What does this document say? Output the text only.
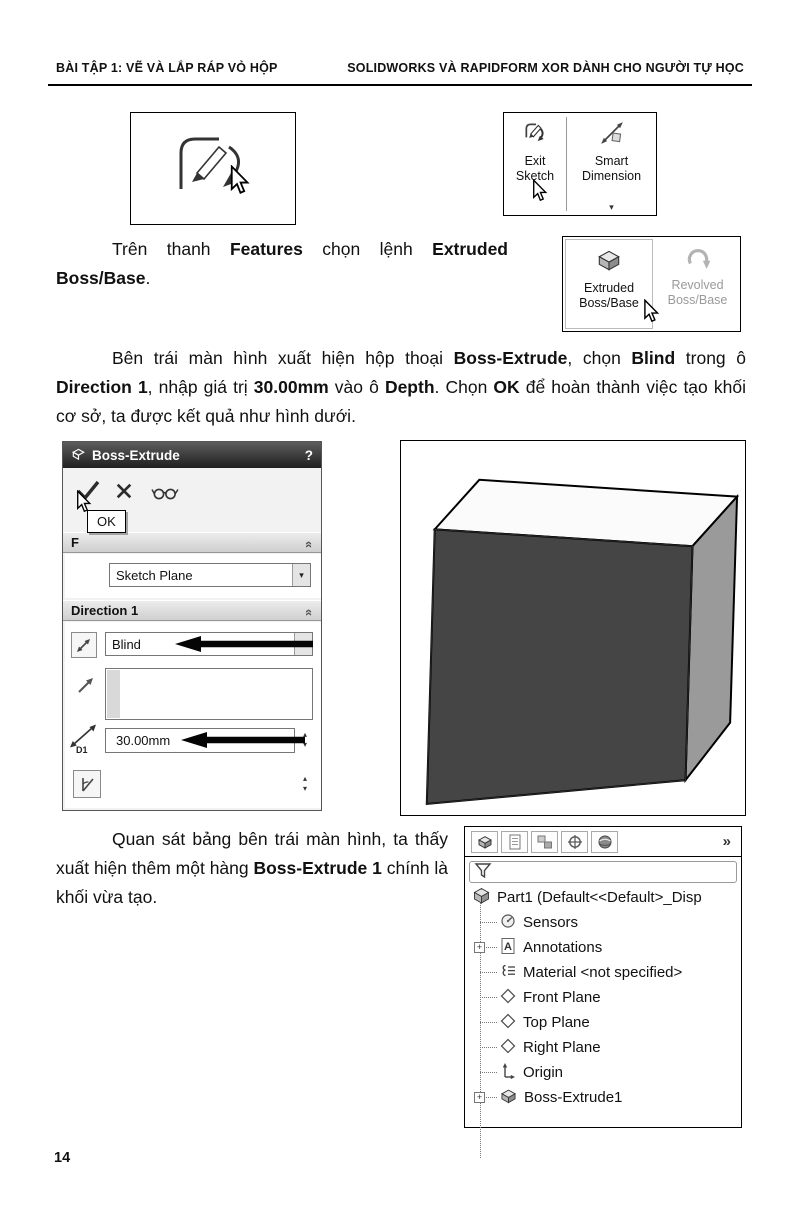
BÀI TẬP 1: VẼ VÀ LẮP RÁP VỎ HỘP	SOLIDWORKS VÀ RAPIDFORM XOR DÀNH CHO NGƯỜI TỰ HỌC
Exit Sketch
Smart Dimension
▾

Trên thanh Features chọn lệnh Extruded Boss/Base.	Extruded Boss/Base
Revolved Boss/Base

Bên trái màn hình xuất hiện hộp thoại Boss-Extrude, chọn Blind trong ô Direction 1, nhập giá trị 30.00mm vào ô Depth. Chọn OK để hoàn thành việc tạo khối cơ sở, ta được kết quả như hình dưới.

Boss-Extrude	?
F	«
OK
Sketch Plane	▾
Direction 1	«
Blind
D1
30.00mm	▴
▾
▴
▾

Quan sát bảng bên trái màn hình, ta thấy xuất hiện thêm một hàng Boss-Extrude 1 chính là khối vừa tạo.

»
Part1 (Default<<Default>_Disp
Sensors
+ A Annotations
Material <not specified>
Front Plane
Top Plane
Right Plane
Origin
+	Boss-Extrude1
14
